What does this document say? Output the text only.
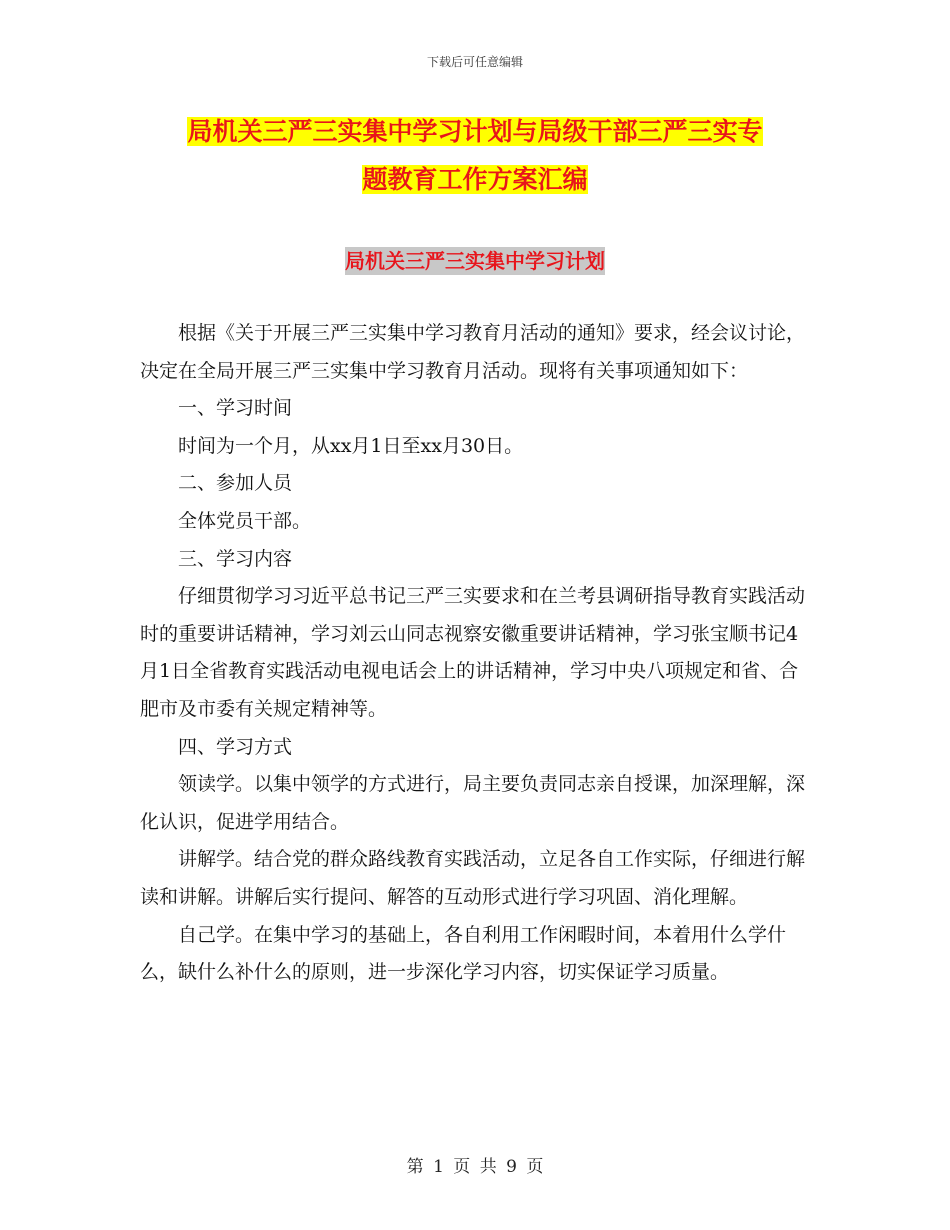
下载后可任意编辑
局机关三严三实集中学习计划与局级干部三严三实专
题教育工作方案汇编
局机关三严三实集中学习计划

根据《关于开展三严三实集中学习教育月活动的通知》要求，经会议讨论，决定在全局开展三严三实集中学习教育月活动。现将有关事项通知如下：

一、学习时间

时间为一个月，从xx月1日至xx月30日。

二、参加人员

全体党员干部。

三、学习内容

仔细贯彻学习习近平总书记三严三实要求和在兰考县调研指导教育实践活动时的重要讲话精神，学习刘云山同志视察安徽重要讲话精神，学习张宝顺书记4月1日全省教育实践活动电视电话会上的讲话精神，学习中央八项规定和省、合肥市及市委有关规定精神等。

四、学习方式

领读学。以集中领学的方式进行，局主要负责同志亲自授课，加深理解，深化认识，促进学用结合。

讲解学。结合党的群众路线教育实践活动，立足各自工作实际，仔细进行解读和讲解。讲解后实行提问、解答的互动形式进行学习巩固、消化理解。

自己学。在集中学习的基础上，各自利用工作闲暇时间，本着用什么学什么，缺什么补什么的原则，进一步深化学习内容，切实保证学习质量。

第 1 页 共 9 页
